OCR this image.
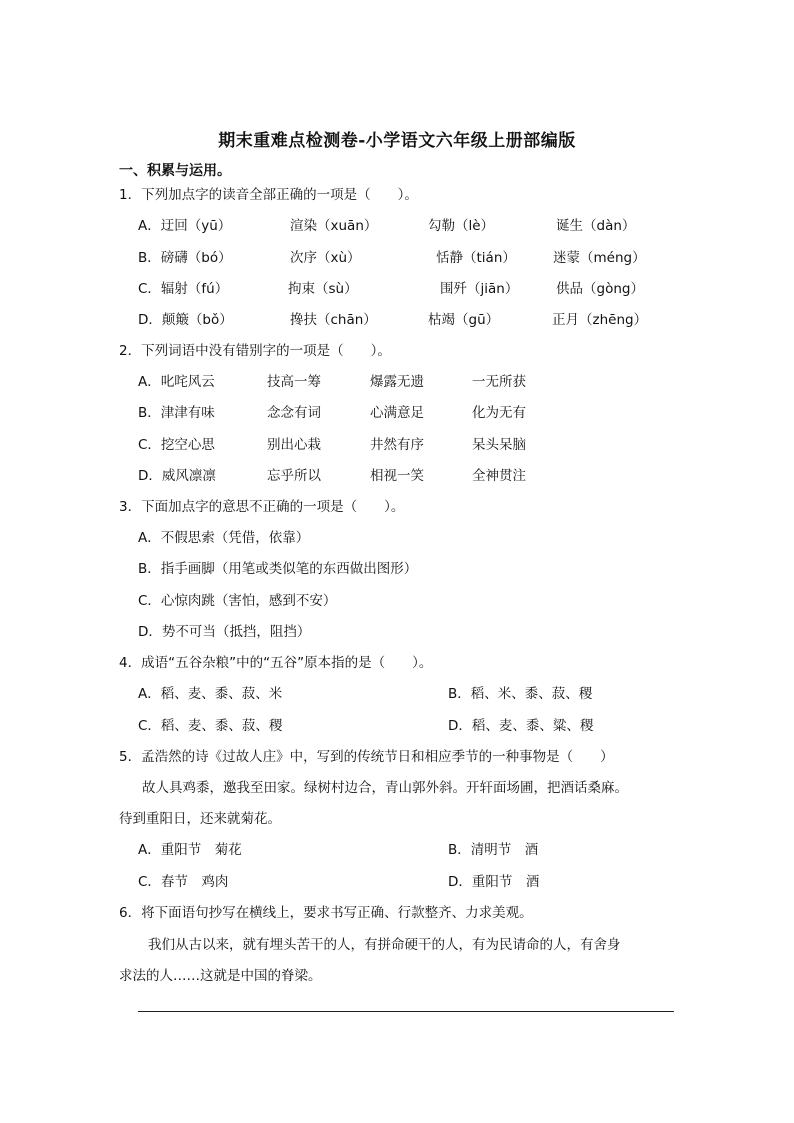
期末重难点检测卷-小学语文六年级上册部编版
一、积累与运用。
1．下列加点字的读音全部正确的一项是（　　）。
A．迂回（yū）	渲染（xuān）	勾勒（lè）	诞生（dàn）
B．磅礴（bó）	次序（xù）	恬静（tián）	迷蒙（méng）
C．辐射（fú）	拘束（sù）	围歼（jiān）	供品（gòng）
D．颠簸（bǒ）	搀扶（chān）	枯竭（gū）	正月（zhēng）
2．下列词语中没有错别字的一项是（　　）。
A．叱咤风云	技高一筹	爆露无遗	一无所获
B．津津有味	念念有词	心满意足	化为无有
C．挖空心思	别出心栽	井然有序	呆头呆脑
D．威风凛凛	忘乎所以	相视一笑	全神贯注
3．下面加点字的意思不正确的一项是（　　）。
A．不假思索（凭借，依靠）
B．指手画脚（用笔或类似笔的东西做出图形）
C．心惊肉跳（害怕，感到不安）
D．势不可当（抵挡，阻挡）
4．成语“五谷杂粮”中的“五谷”原本指的是（　　）。
A．稻、麦、黍、菽、米	B．稻、米、黍、菽、稷
C．稻、麦、黍、菽、稷	D．稻、麦、黍、粱、稷
5．孟浩然的诗《过故人庄》中，写到的传统节日和相应季节的一种事物是（　　）
故人具鸡黍，邀我至田家。绿树村边合，青山郭外斜。开轩面场圃，把酒话桑麻。
待到重阳日，还来就菊花。
A．重阳节　菊花	B．清明节　酒
C．春节　鸡肉	D．重阳节　酒
6．将下面语句抄写在横线上，要求书写正确、行款整齐、力求美观。
我们从古以来，就有埋头苦干的人，有拼命硬干的人，有为民请命的人，有舍身
求法的人……这就是中国的脊梁。
